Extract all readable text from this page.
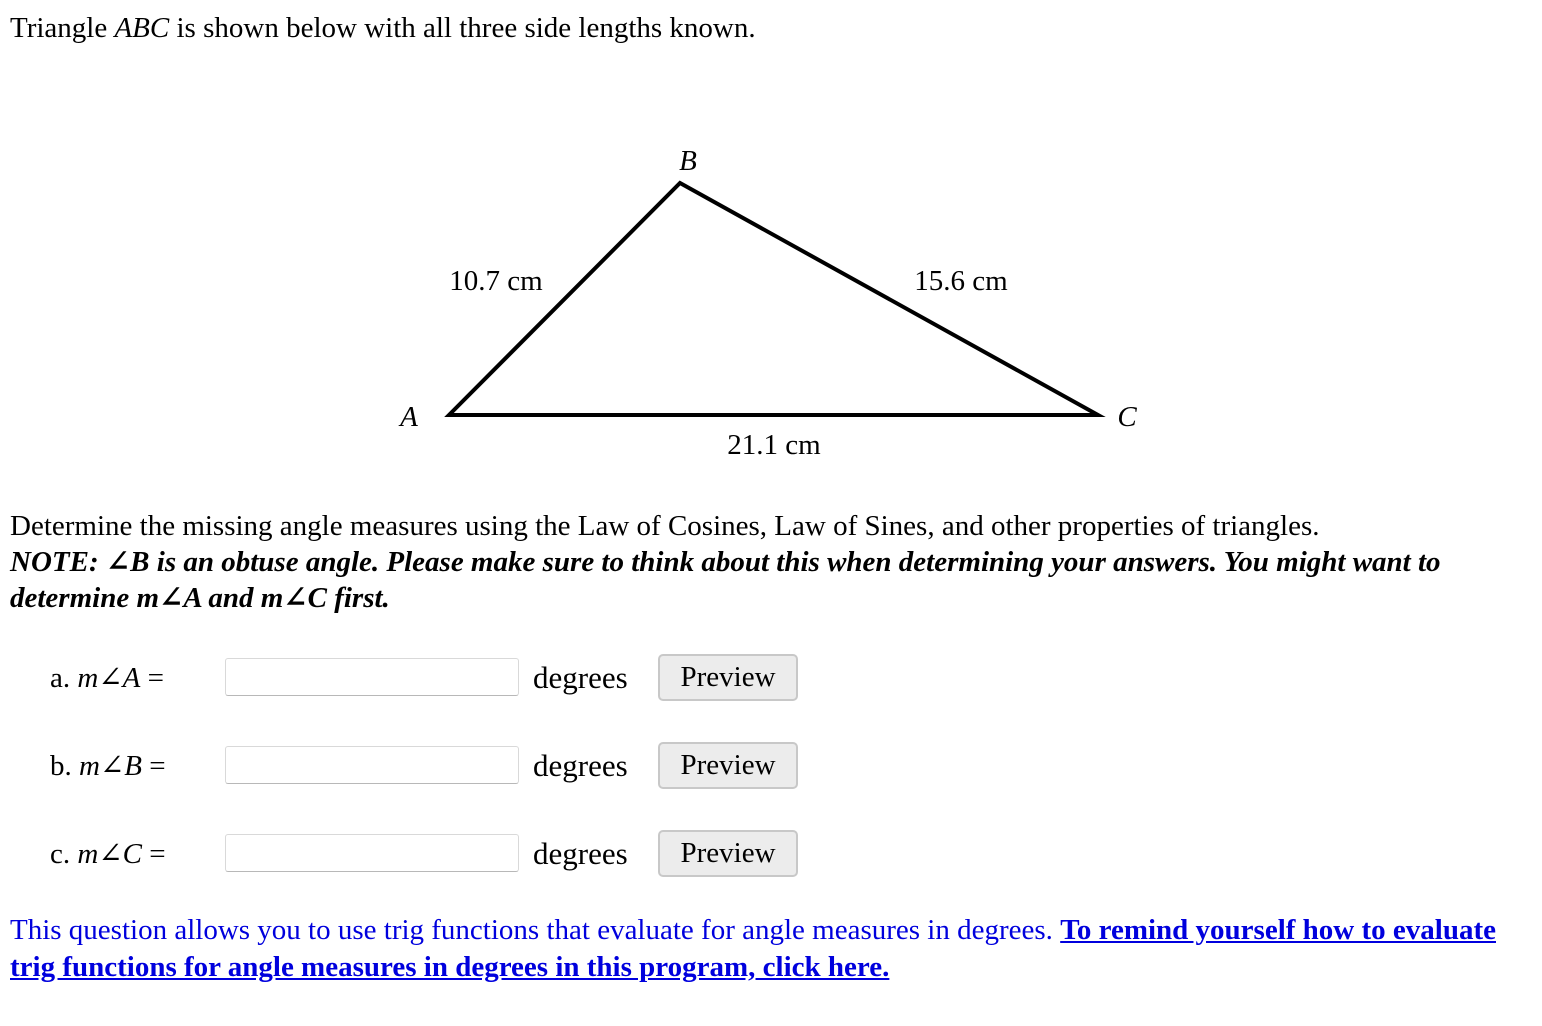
Triangle ABC is shown below with all three side lengths known.
B
A	C
10.7 cm	15.6 cm
21.1 cm
Determine the missing angle measures using the Law of Cosines, Law of Sines, and other properties of triangles.
NOTE: ∠B is an obtuse angle. Please make sure to think about this when determining your answers. You might want to determine m∠A and m∠C first.
a. m∠A =	degrees	Preview
b. m∠B =	degrees	Preview
c. m∠C =	degrees	Preview
This question allows you to use trig functions that evaluate for angle measures in degrees. To remind yourself how to evaluate trig functions for angle measures in degrees in this program, click here.
